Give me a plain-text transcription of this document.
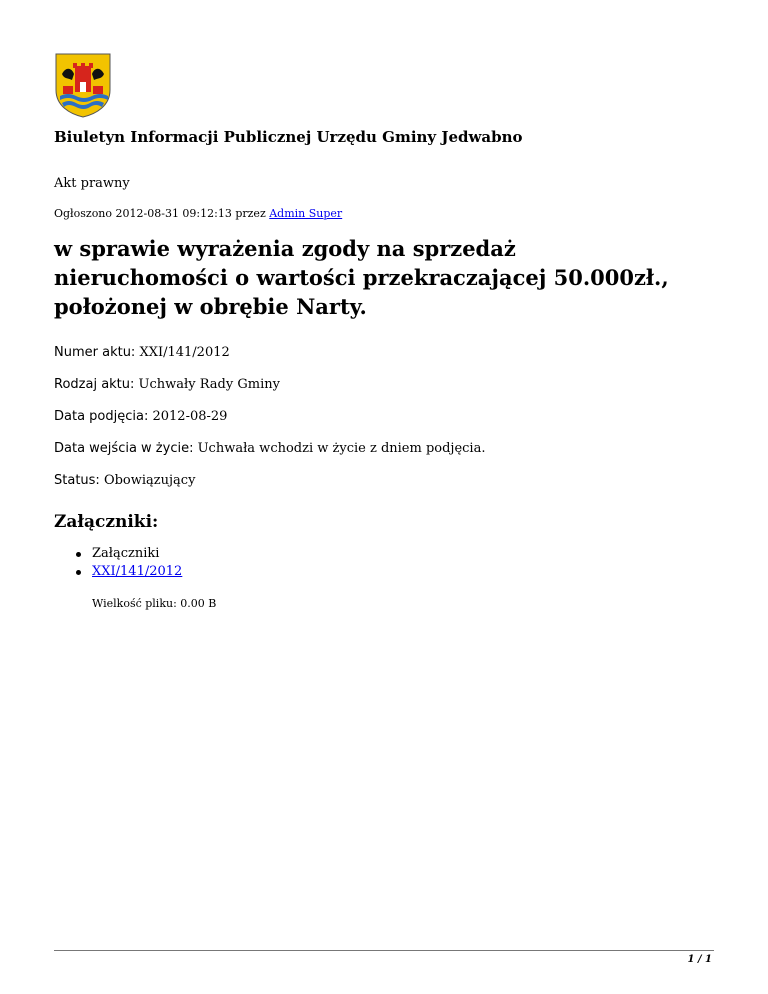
Biuletyn Informacji Publicznej Urzędu Gminy Jedwabno

Akt prawny

Ogłoszono 2012-08-31 09:12:13 przez Admin Super

w sprawie wyrażenia zgody na sprzedaż nieruchomości o wartości przekraczającej 50.000zł., położonej w obrębie Narty.

Numer aktu: XXI/141/2012

Rodzaj aktu: Uchwały Rady Gminy

Data podjęcia: 2012-08-29

Data wejścia w życie: Uchwała wchodzi w życie z dniem podjęcia.

Status: Obowiązujący

Załączniki:
Załączniki
XXI/141/2012

Wielkość pliku: 0.00 B

1 / 1
